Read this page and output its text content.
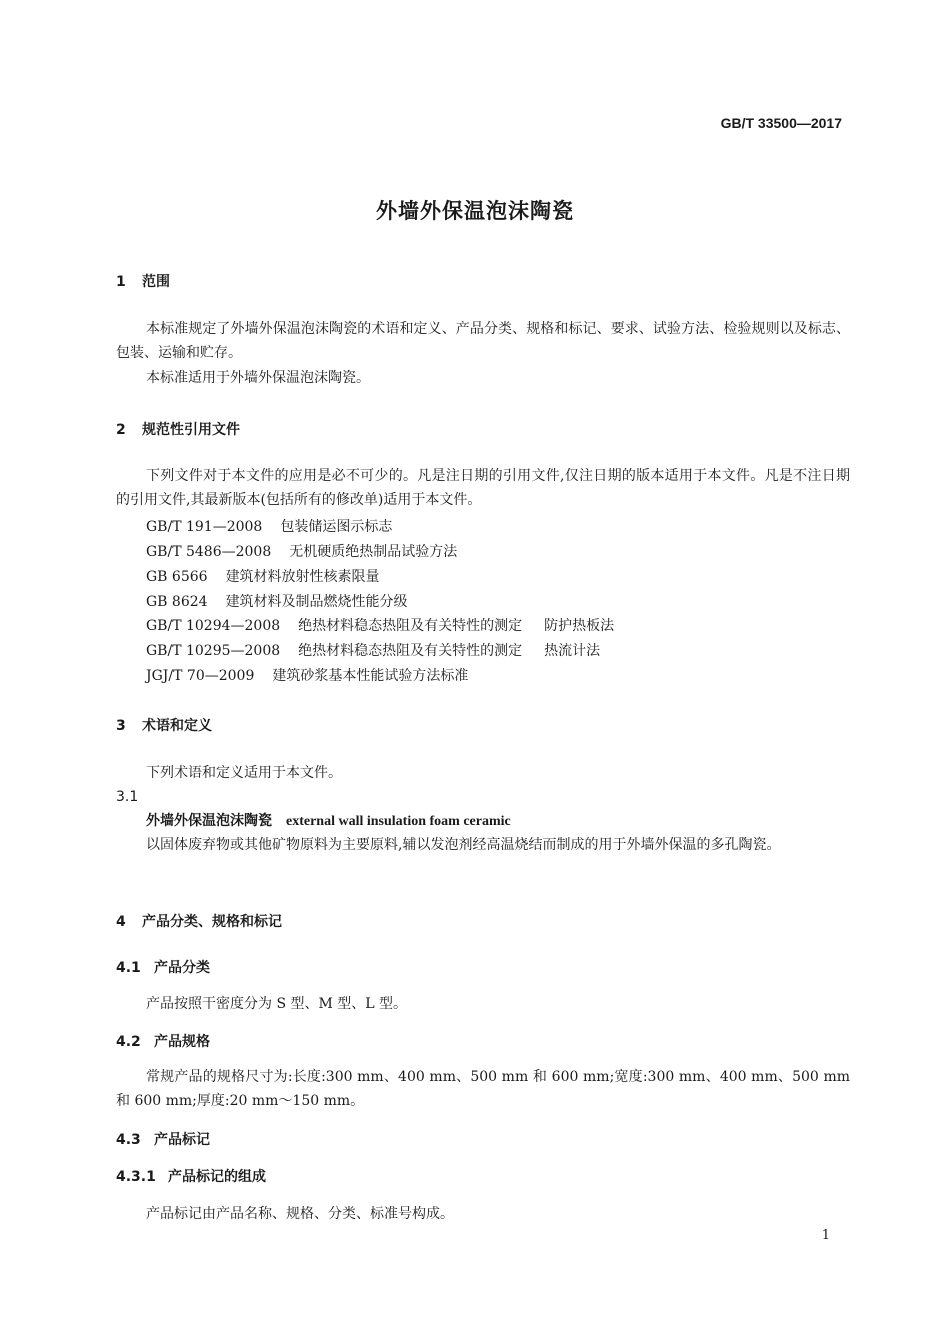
GB/T 33500—2017
外墙外保温泡沫陶瓷
1 范围
本标准规定了外墙外保温泡沫陶瓷的术语和定义、产品分类、规格和标记、要求、试验方法、检验规则以及标志、包装、运输和贮存。
本标准适用于外墙外保温泡沫陶瓷。
2 规范性引用文件
下列文件对于本文件的应用是必不可少的。凡是注日期的引用文件,仅注日期的版本适用于本文件。凡是不注日期的引用文件,其最新版本(包括所有的修改单)适用于本文件。
GB/T 191—2008 包装储运图示标志
GB/T 5486—2008 无机硬质绝热制品试验方法
GB 6566 建筑材料放射性核素限量
GB 8624 建筑材料及制品燃烧性能分级
GB/T 10294—2008 绝热材料稳态热阻及有关特性的测定 防护热板法
GB/T 10295—2008 绝热材料稳态热阻及有关特性的测定 热流计法
JGJ/T 70—2009 建筑砂浆基本性能试验方法标准
3 术语和定义
下列术语和定义适用于本文件。
3.1
外墙外保温泡沫陶瓷 external wall insulation foam ceramic
以固体废弃物或其他矿物原料为主要原料,辅以发泡剂经高温烧结而制成的用于外墙外保温的多孔陶瓷。
4 产品分类、规格和标记
4.1 产品分类
产品按照干密度分为 S 型、M 型、L 型。
4.2 产品规格
常规产品的规格尺寸为:长度:300 mm、400 mm、500 mm 和 600 mm;宽度:300 mm、400 mm、500 mm 和 600 mm;厚度:20 mm～150 mm。
4.3 产品标记
4.3.1 产品标记的组成
产品标记由产品名称、规格、分类、标准号构成。
1
